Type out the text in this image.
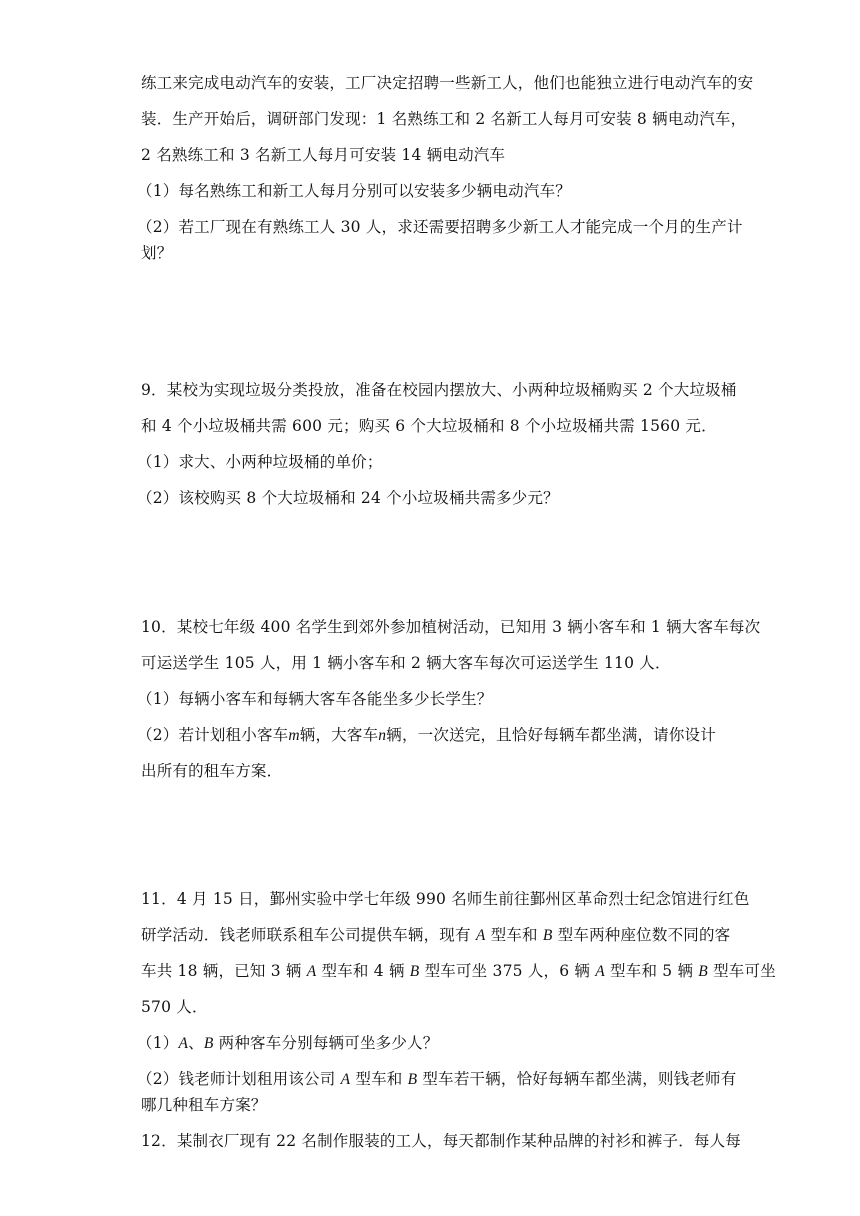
练工来完成电动汽车的安装，工厂决定招聘一些新工人，他们也能独立进行电动汽车的安
装．生产开始后，调研部门发现：1 名熟练工和 2 名新工人每月可安装 8 辆电动汽车，
2 名熟练工和 3 名新工人每月可安装 14 辆电动汽车
（1）每名熟练工和新工人每月分别可以安装多少辆电动汽车？
（2）若工厂现在有熟练工人 30 人，求还需要招聘多少新工人才能完成一个月的生产计
划？
9．某校为实现垃圾分类投放，准备在校园内摆放大、小两种垃圾桶购买 2 个大垃圾桶
和 4 个小垃圾桶共需 600 元；购买 6 个大垃圾桶和 8 个小垃圾桶共需 1560 元．
（1）求大、小两种垃圾桶的单价；
（2）该校购买 8 个大垃圾桶和 24 个小垃圾桶共需多少元？
10．某校七年级 400 名学生到郊外参加植树活动，已知用 3 辆小客车和 1 辆大客车每次
可运送学生 105 人，用 1 辆小客车和 2 辆大客车每次可运送学生 110 人．
（1）每辆小客车和每辆大客车各能坐多少长学生？
（2）若计划租小客车m辆，大客车n辆，一次送完，且恰好每辆车都坐满，请你设计
出所有的租车方案．
11．4 月 15 日，鄞州实验中学七年级 990 名师生前往鄞州区革命烈士纪念馆进行红色
研学活动．钱老师联系租车公司提供车辆，现有 A 型车和 B 型车两种座位数不同的客
车共 18 辆，已知 3 辆 A 型车和 4 辆 B 型车可坐 375 人，6 辆 A 型车和 5 辆 B 型车可坐
570 人．
（1）A、B 两种客车分别每辆可坐多少人？
（2）钱老师计划租用该公司 A 型车和 B 型车若干辆，恰好每辆车都坐满，则钱老师有
哪几种租车方案？
12．某制衣厂现有 22 名制作服装的工人，每天都制作某种品牌的衬衫和裤子．每人每
